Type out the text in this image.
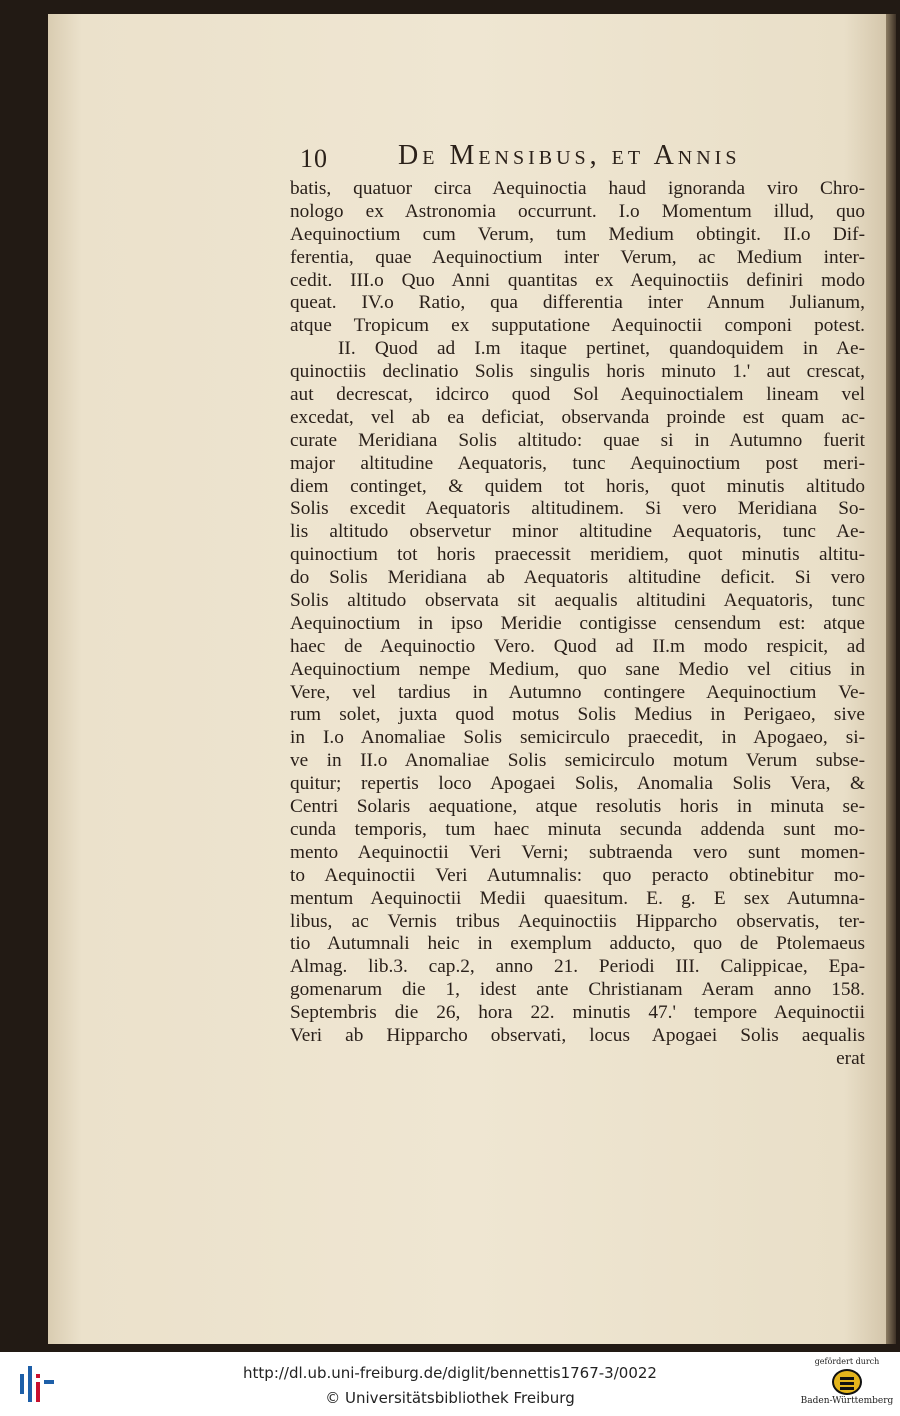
10	De Mensibus, et Annis
batis, quatuor circa Aequinoctia haud ignoranda viro Chro-
nologo ex Astronomia occurrunt. I.o Momentum illud, quo
Aequinoctium cum Verum, tum Medium obtingit. II.o Dif-
ferentia, quae Aequinoctium inter Verum, ac Medium inter-
cedit. III.o Quo Anni quantitas ex Aequinoctiis definiri modo
queat. IV.o Ratio, qua differentia inter Annum Julianum,
atque Tropicum ex supputatione Aequinoctii componi potest.
II. Quod ad I.m itaque pertinet, quandoquidem in Ae-
quinoctiis declinatio Solis singulis horis minuto 1.' aut crescat,
aut decrescat, idcirco quod Sol Aequinoctialem lineam vel
excedat, vel ab ea deficiat, observanda proinde est quam ac-
curate Meridiana Solis altitudo: quae si in Autumno fuerit
major altitudine Aequatoris, tunc Aequinoctium post meri-
diem continget, & quidem tot horis, quot minutis altitudo
Solis excedit Aequatoris altitudinem. Si vero Meridiana So-
lis altitudo observetur minor altitudine Aequatoris, tunc Ae-
quinoctium tot horis praecessit meridiem, quot minutis altitu-
do Solis Meridiana ab Aequatoris altitudine deficit. Si vero
Solis altitudo observata sit aequalis altitudini Aequatoris, tunc
Aequinoctium in ipso Meridie contigisse censendum est: atque
haec de Aequinoctio Vero. Quod ad II.m modo respicit, ad
Aequinoctium nempe Medium, quo sane Medio vel citius in
Vere, vel tardius in Autumno contingere Aequinoctium Ve-
rum solet, juxta quod motus Solis Medius in Perigaeo, sive
in I.o Anomaliae Solis semicirculo praecedit, in Apogaeo, si-
ve in II.o Anomaliae Solis semicirculo motum Verum subse-
quitur; repertis loco Apogaei Solis, Anomalia Solis Vera, &
Centri Solaris aequatione, atque resolutis horis in minuta se-
cunda temporis, tum haec minuta secunda addenda sunt mo-
mento Aequinoctii Veri Verni; subtraenda vero sunt momen-
to Aequinoctii Veri Autumnalis: quo peracto obtinebitur mo-
mentum Aequinoctii Medii quaesitum. E. g. E sex Autumna-
libus, ac Vernis tribus Aequinoctiis Hipparcho observatis, ter-
tio Autumnali heic in exemplum adducto, quo de Ptolemaeus
Almag. lib.3. cap.2, anno 21. Periodi III. Calippicae, Epa-
gomenarum die 1, idest ante Christianam Aeram anno 158.
Septembris die 26, hora 22. minutis 47.' tempore Aequinoctii
Veri ab Hipparcho observati, locus Apogaei Solis aequalis
erat
http://dl.ub.uni-freiburg.de/diglit/bennettis1767-3/0022
© Universitätsbibliothek Freiburg
gefördert durch
Baden-Württemberg
